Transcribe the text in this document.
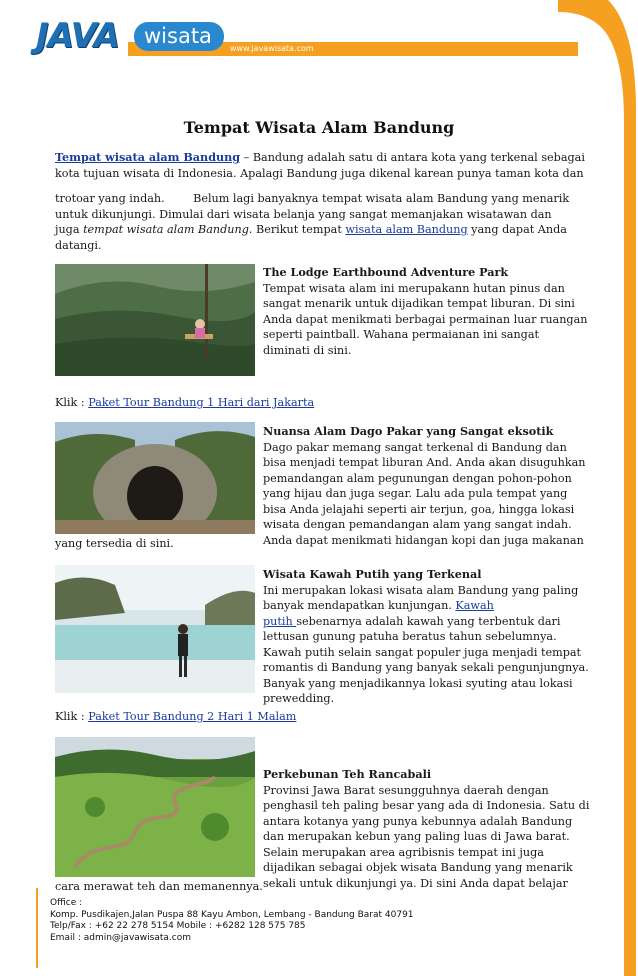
www.javawisata.com
JAVA	wisata
Tempat Wisata Alam Bandung
Tempat wisata alam Bandung – Bandung adalah satu di antara kota yang terkenal sebagai
kota tujuan wisata di Indonesia. Apalagi Bandung juga dikenal karean punya taman kota dan
trotoar yang indah.        Belum lagi banyaknya tempat wisata alam Bandung yang menarik
untuk dikunjungi. Dimulai dari wisata belanja yang sangat memanjakan wisatawan dan
juga tempat wisata alam Bandung. Berikut tempat wisata alam Bandung yang dapat Anda
datangi.
The Lodge Earthbound Adventure Park
Tempat wisata alam ini merupakann hutan pinus dan
sangat menarik untuk dijadikan tempat liburan. Di sini
Anda dapat menikmati berbagai permainan luar ruangan
seperti paintball. Wahana permaianan ini sangat
diminati di sini.
Klik : Paket Tour Bandung 1 Hari dari Jakarta
Nuansa Alam Dago Pakar yang Sangat eksotik
Dago pakar memang sangat terkenal di Bandung dan
bisa menjadi tempat liburan And. Anda akan disuguhkan
pemandangan alam pegunungan dengan pohon-pohon
yang hijau dan juga segar. Lalu ada pula tempat yang
bisa Anda jelajahi seperti air terjun, goa, hingga lokasi
wisata dengan pemandangan alam yang sangat indah.
Anda dapat menikmati hidangan kopi dan juga makanan
yang tersedia di sini.
Wisata Kawah Putih yang Terkenal
Ini merupakan lokasi wisata alam Bandung yang paling
banyak mendapatkan kunjungan. Kawah
putih sebenarnya adalah kawah yang terbentuk dari
lettusan gunung patuha beratus tahun sebelumnya.
Kawah putih selain sangat populer juga menjadi tempat
romantis di Bandung yang banyak sekali pengunjungnya.
Banyak yang menjadikannya lokasi syuting atau lokasi
prewedding.
Klik : Paket Tour Bandung 2 Hari 1 Malam
Perkebunan Teh Rancabali
Provinsi Jawa Barat sesungguhnya daerah dengan
penghasil teh paling besar yang ada di Indonesia. Satu di
antara kotanya yang punya kebunnya adalah Bandung
dan merupakan kebun yang paling luas di Jawa barat.
Selain merupakan area agribisnis tempat ini juga
dijadikan sebagai objek wisata Bandung yang menarik
sekali untuk dikunjungi ya. Di sini Anda dapat belajar
cara merawat teh dan memanennya.
Office :
Komp. Pusdikajen,Jalan Puspa 88 Kayu Ambon, Lembang - Bandung Barat 40791
Telp/Fax : +62 22 278 5154 Mobile : +6282 128 575 785
Email : admin@javawisata.com
